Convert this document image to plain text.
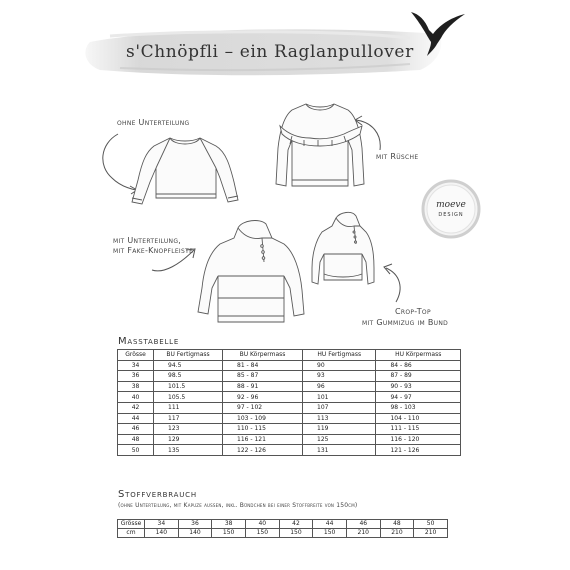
s'Chnöpfli – ein Raglanpullover
ohne Unterteilung
mit Rüsche
mit Unterteilung,
mit Fake-Knopfleiste
Crop-Top
mit Gummizug im Bund
moeve
DESIGN
Masstabelle
Grösse	BU Fertigmass	BU Körpermass	HU Fertigmass	HU Körpermass
34	94.5	81 - 84	90	84 - 86
36	98.5	85 - 87	93	87 - 89
38	101.5	88 - 91	96	90 - 93
40	105.5	92 - 96	101	94 - 97
42	111	97 - 102	107	98 - 103
44	117	103 - 109	113	104 - 110
46	123	110 - 115	119	111 - 115
48	129	116 - 121	125	116 - 120
50	135	122 - 126	131	121 - 126
Stoffverbrauch
(ohne Unterteilung, mit Kapuze aussen, inkl. Bündchen bei einer Stoffbreite von 150cm)
Grösse	34	36	38	40	42	44	46	48	50
cm	140	140	150	150	150	150	210	210	210
